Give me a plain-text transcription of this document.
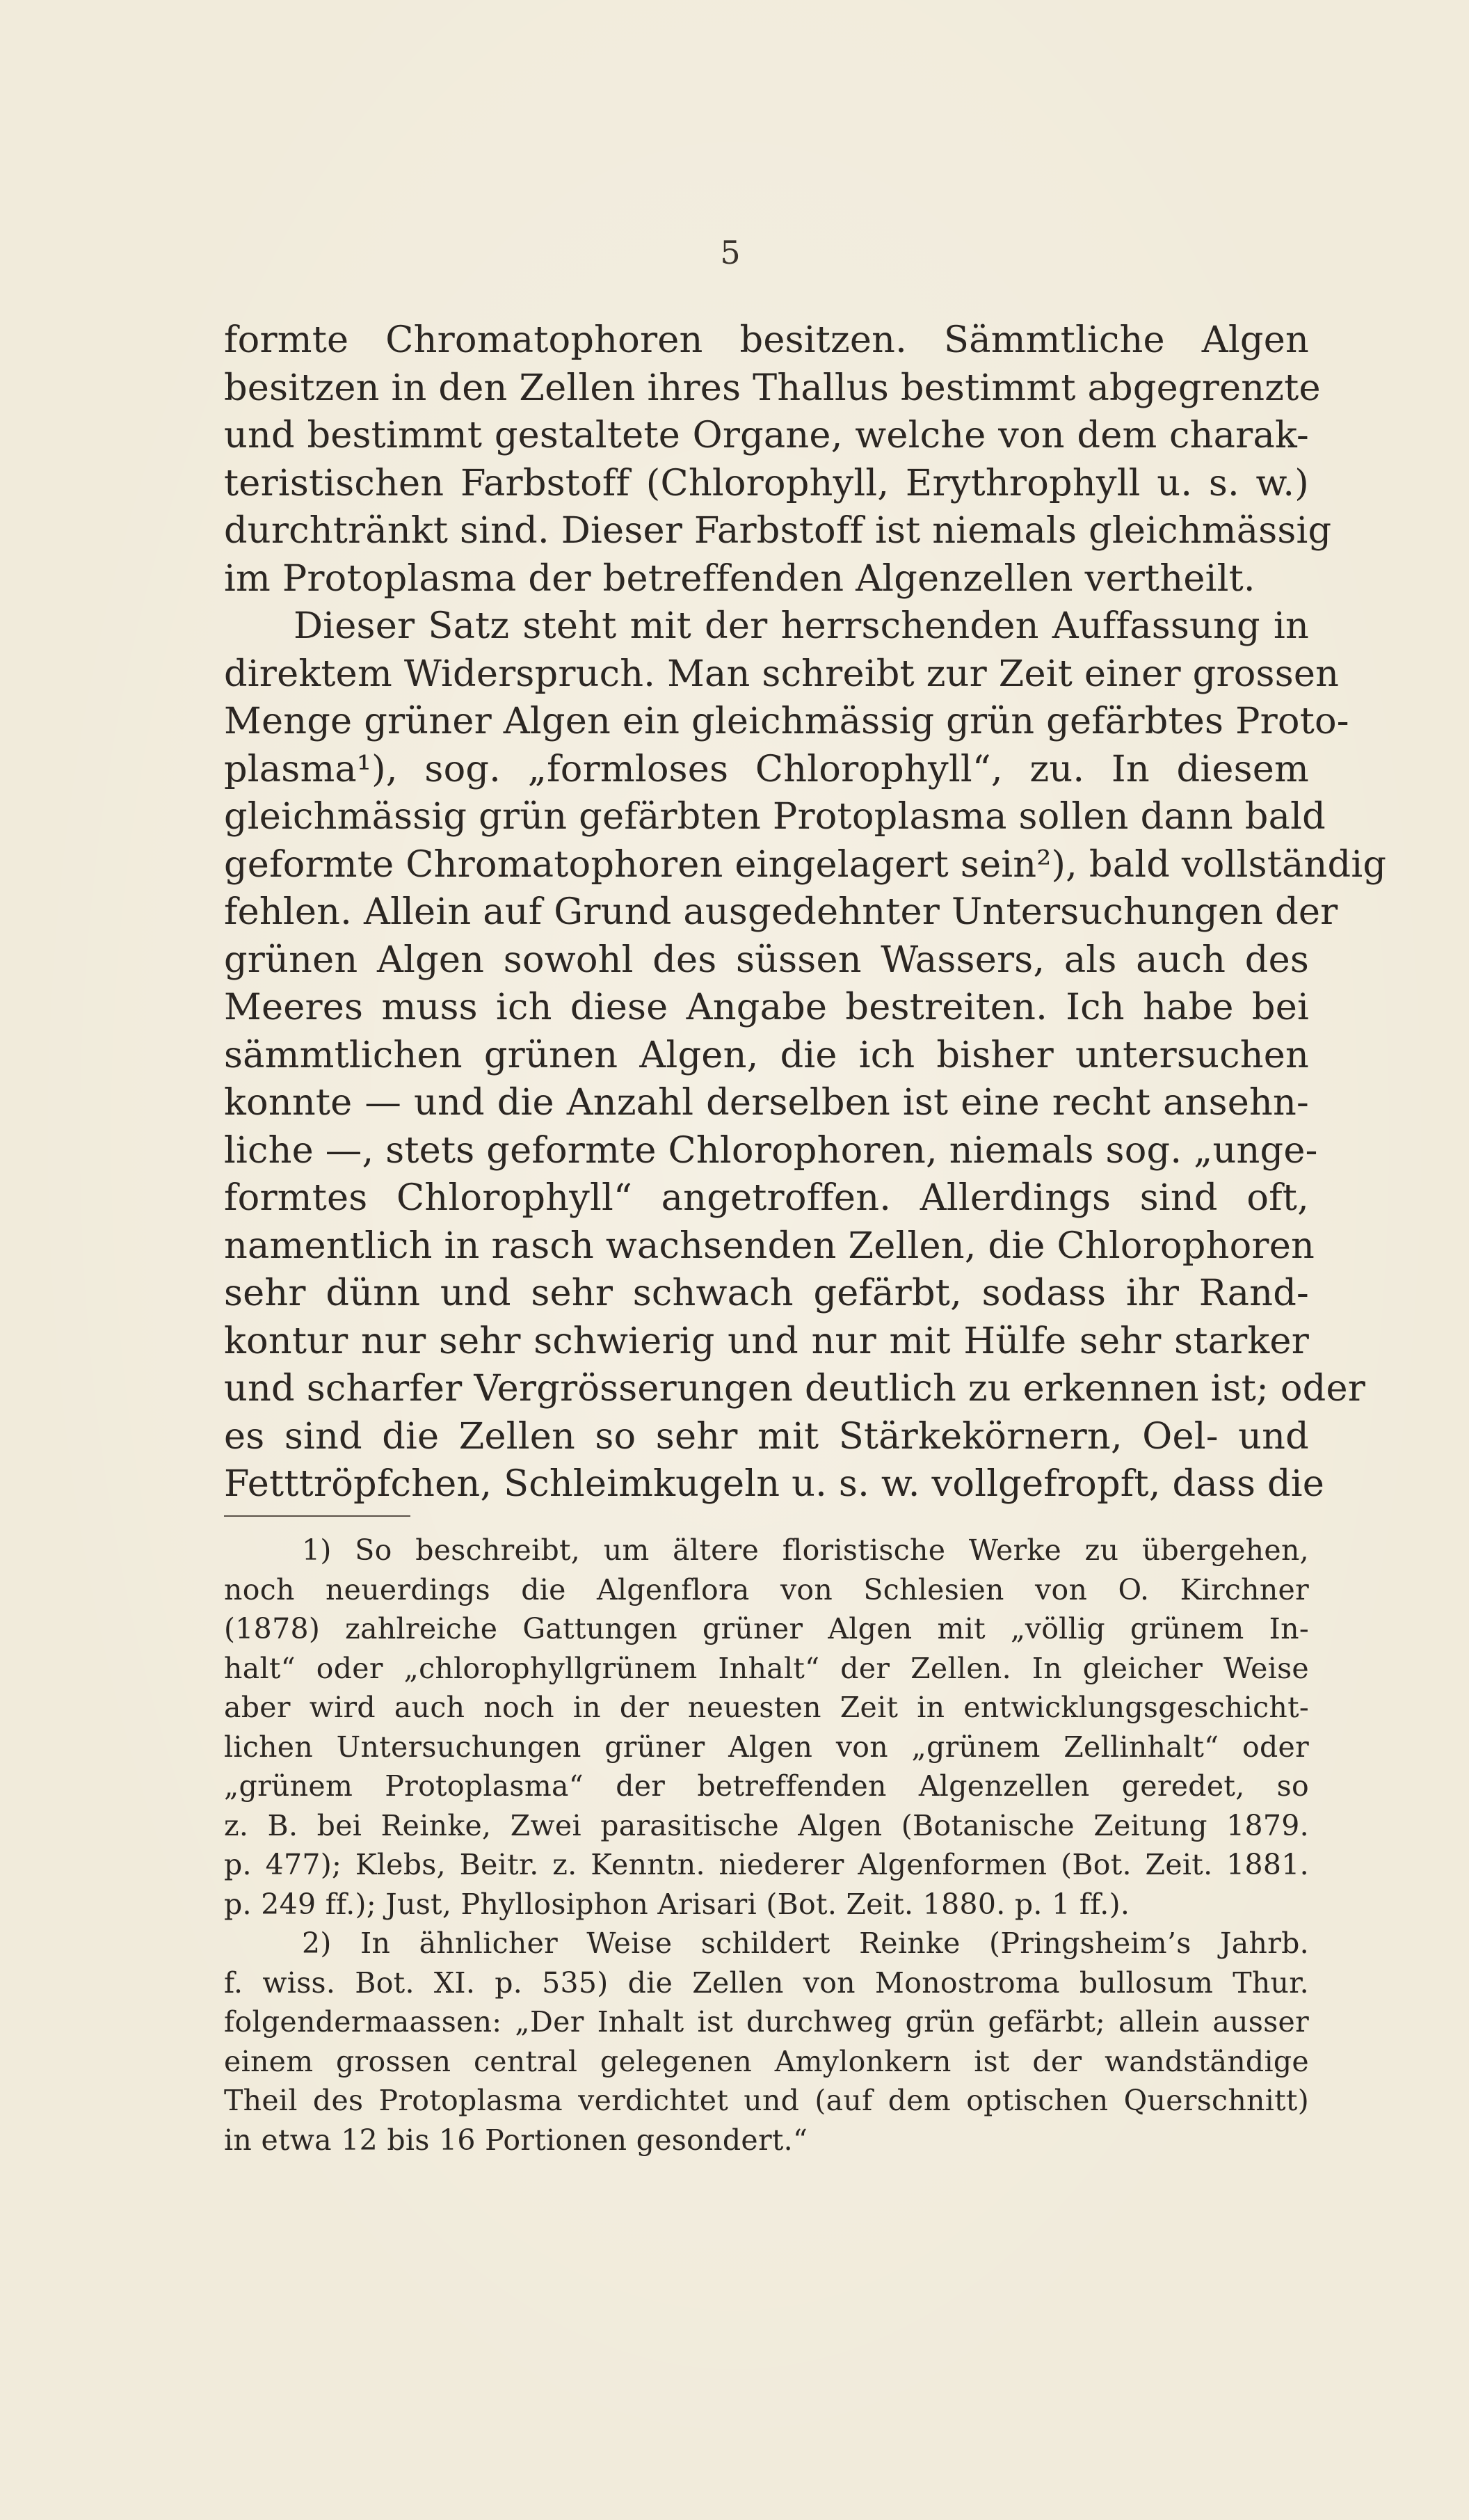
5
formte Chromatophoren besitzen. Sämmtliche Algen
besitzen in den Zellen ihres Thallus bestimmt abgegrenzte
und bestimmt gestaltete Organe, welche von dem charak-
teristischen Farbstoff (Chlorophyll, Erythrophyll u. s. w.)
durchtränkt sind. Dieser Farbstoff ist niemals gleichmässig
im Protoplasma der betreffenden Algenzellen vertheilt.
Dieser Satz steht mit der herrschenden Auffassung in
direktem Widerspruch. Man schreibt zur Zeit einer grossen
Menge grüner Algen ein gleichmässig grün gefärbtes Proto-
plasma¹), sog. „formloses Chlorophyll“, zu. In diesem
gleichmässig grün gefärbten Protoplasma sollen dann bald
geformte Chromatophoren eingelagert sein²), bald vollständig
fehlen. Allein auf Grund ausgedehnter Untersuchungen der
grünen Algen sowohl des süssen Wassers, als auch des
Meeres muss ich diese Angabe bestreiten. Ich habe bei
sämmtlichen grünen Algen, die ich bisher untersuchen
konnte — und die Anzahl derselben ist eine recht ansehn-
liche —, stets geformte Chlorophoren, niemals sog. „unge-
formtes Chlorophyll“ angetroffen. Allerdings sind oft,
namentlich in rasch wachsenden Zellen, die Chlorophoren
sehr dünn und sehr schwach gefärbt, sodass ihr Rand-
kontur nur sehr schwierig und nur mit Hülfe sehr starker
und scharfer Vergrösserungen deutlich zu erkennen ist; oder
es sind die Zellen so sehr mit Stärkekörnern, Oel- und
Fetttröpfchen, Schleimkugeln u. s. w. vollgefropft, dass die
1) So beschreibt, um ältere floristische Werke zu übergehen,
noch neuerdings die Algenflora von Schlesien von O. Kirchner
(1878) zahlreiche Gattungen grüner Algen mit „völlig grünem In-
halt“ oder „chlorophyllgrünem Inhalt“ der Zellen. In gleicher Weise
aber wird auch noch in der neuesten Zeit in entwicklungsgeschicht-
lichen Untersuchungen grüner Algen von „grünem Zellinhalt“ oder
„grünem Protoplasma“ der betreffenden Algenzellen geredet, so
z. B. bei Reinke, Zwei parasitische Algen (Botanische Zeitung 1879.
p. 477); Klebs, Beitr. z. Kenntn. niederer Algenformen (Bot. Zeit. 1881.
p. 249 ff.); Just, Phyllosiphon Arisari (Bot. Zeit. 1880. p. 1 ff.).
2) In ähnlicher Weise schildert Reinke (Pringsheim’s Jahrb.
f. wiss. Bot. XI. p. 535) die Zellen von Monostroma bullosum Thur.
folgendermaassen: „Der Inhalt ist durchweg grün gefärbt; allein ausser
einem grossen central gelegenen Amylonkern ist der wandständige
Theil des Protoplasma verdichtet und (auf dem optischen Querschnitt)
in etwa 12 bis 16 Portionen gesondert.“
